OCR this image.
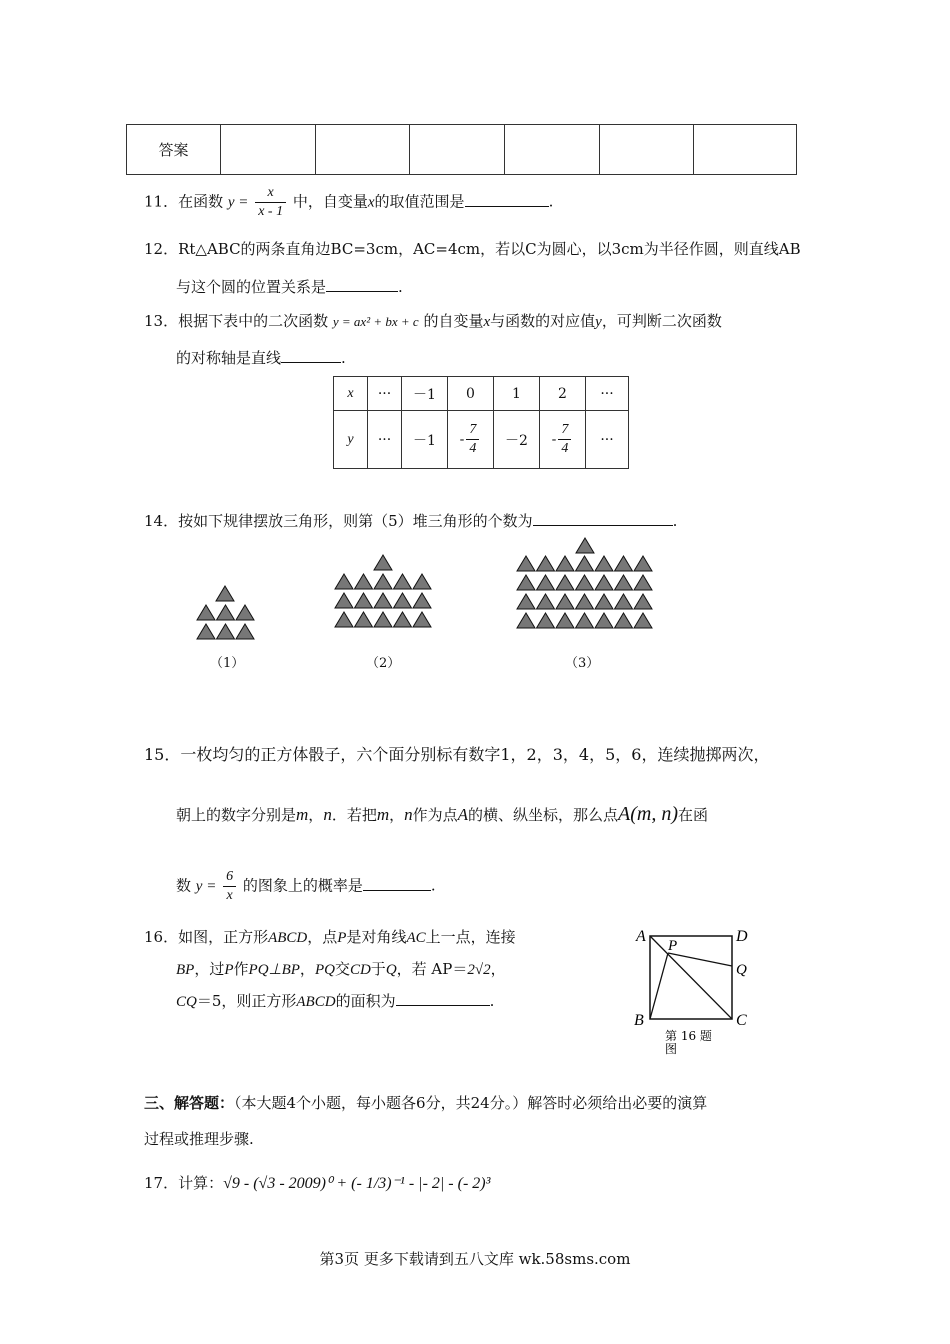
答案						
11．在函数 $y = \frac{x}{x - 1}$ 中，自变量x的取值范围是	.
12．Rt△ABC的两条直角边BC=3cm，AC=4cm，若以C为圆心，以3cm为半径作圆，则直线AB
与这个圆的位置关系是	.
13．根据下表中的二次函数 y = ax² + bx + c 的自变量x与函数的对应值y，可判断二次函数
的对称轴是直线	.
x	···	－1	0	1	2	···
y	···	－1	- $\frac{7}{4}$	－2	- $\frac{7}{4}$	···
14．按如下规律摆放三角形，则第（5）堆三角形的个数为	.
（1）	（2）	（3）
15．一枚均匀的正方体骰子，六个面分别标有数字1，2，3，4，5，6，连续抛掷两次，
朝上的数字分别是m，n．若把m，n作为点A的横、纵坐标，那么点A(m, n)在函
数 $y = \frac{6}{x}$ 的图象上的概率是	.
16．如图，正方形ABCD，点P是对角线AC上一点，连接
BP，过P作PQ⊥BP，PQ交CD于Q，若 AP＝2√2，
CQ＝5，则正方形ABCD的面积为	.
A	D
P
Q
B	C
第 16 题
图
三、解答题：（本大题4个小题，每小题各6分，共24分。）解答时必须给出必要的演算
过程或推理步骤.
17．计算：√9 - (√3 - 2009)⁰ + (- 1/3)⁻¹ - |- 2| - (- 2)³
第3页 更多下载请到五八文库 wk.58sms.com
